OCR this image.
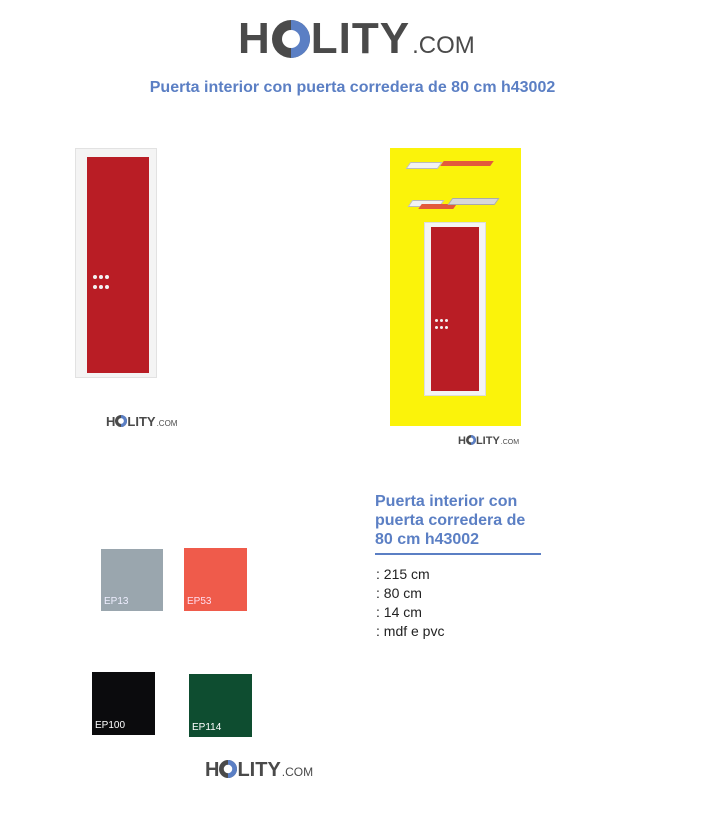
H LITY .COM
Puerta interior con puerta corredera de 80 cm h43002
H LITY .COM
H LITY .COM
Puerta interior con puerta corredera de 80 cm h43002
: 215 cm
: 80 cm
: 14 cm
: mdf e pvc
EP13	EP53
EP100	EP114
H LITY .COM
